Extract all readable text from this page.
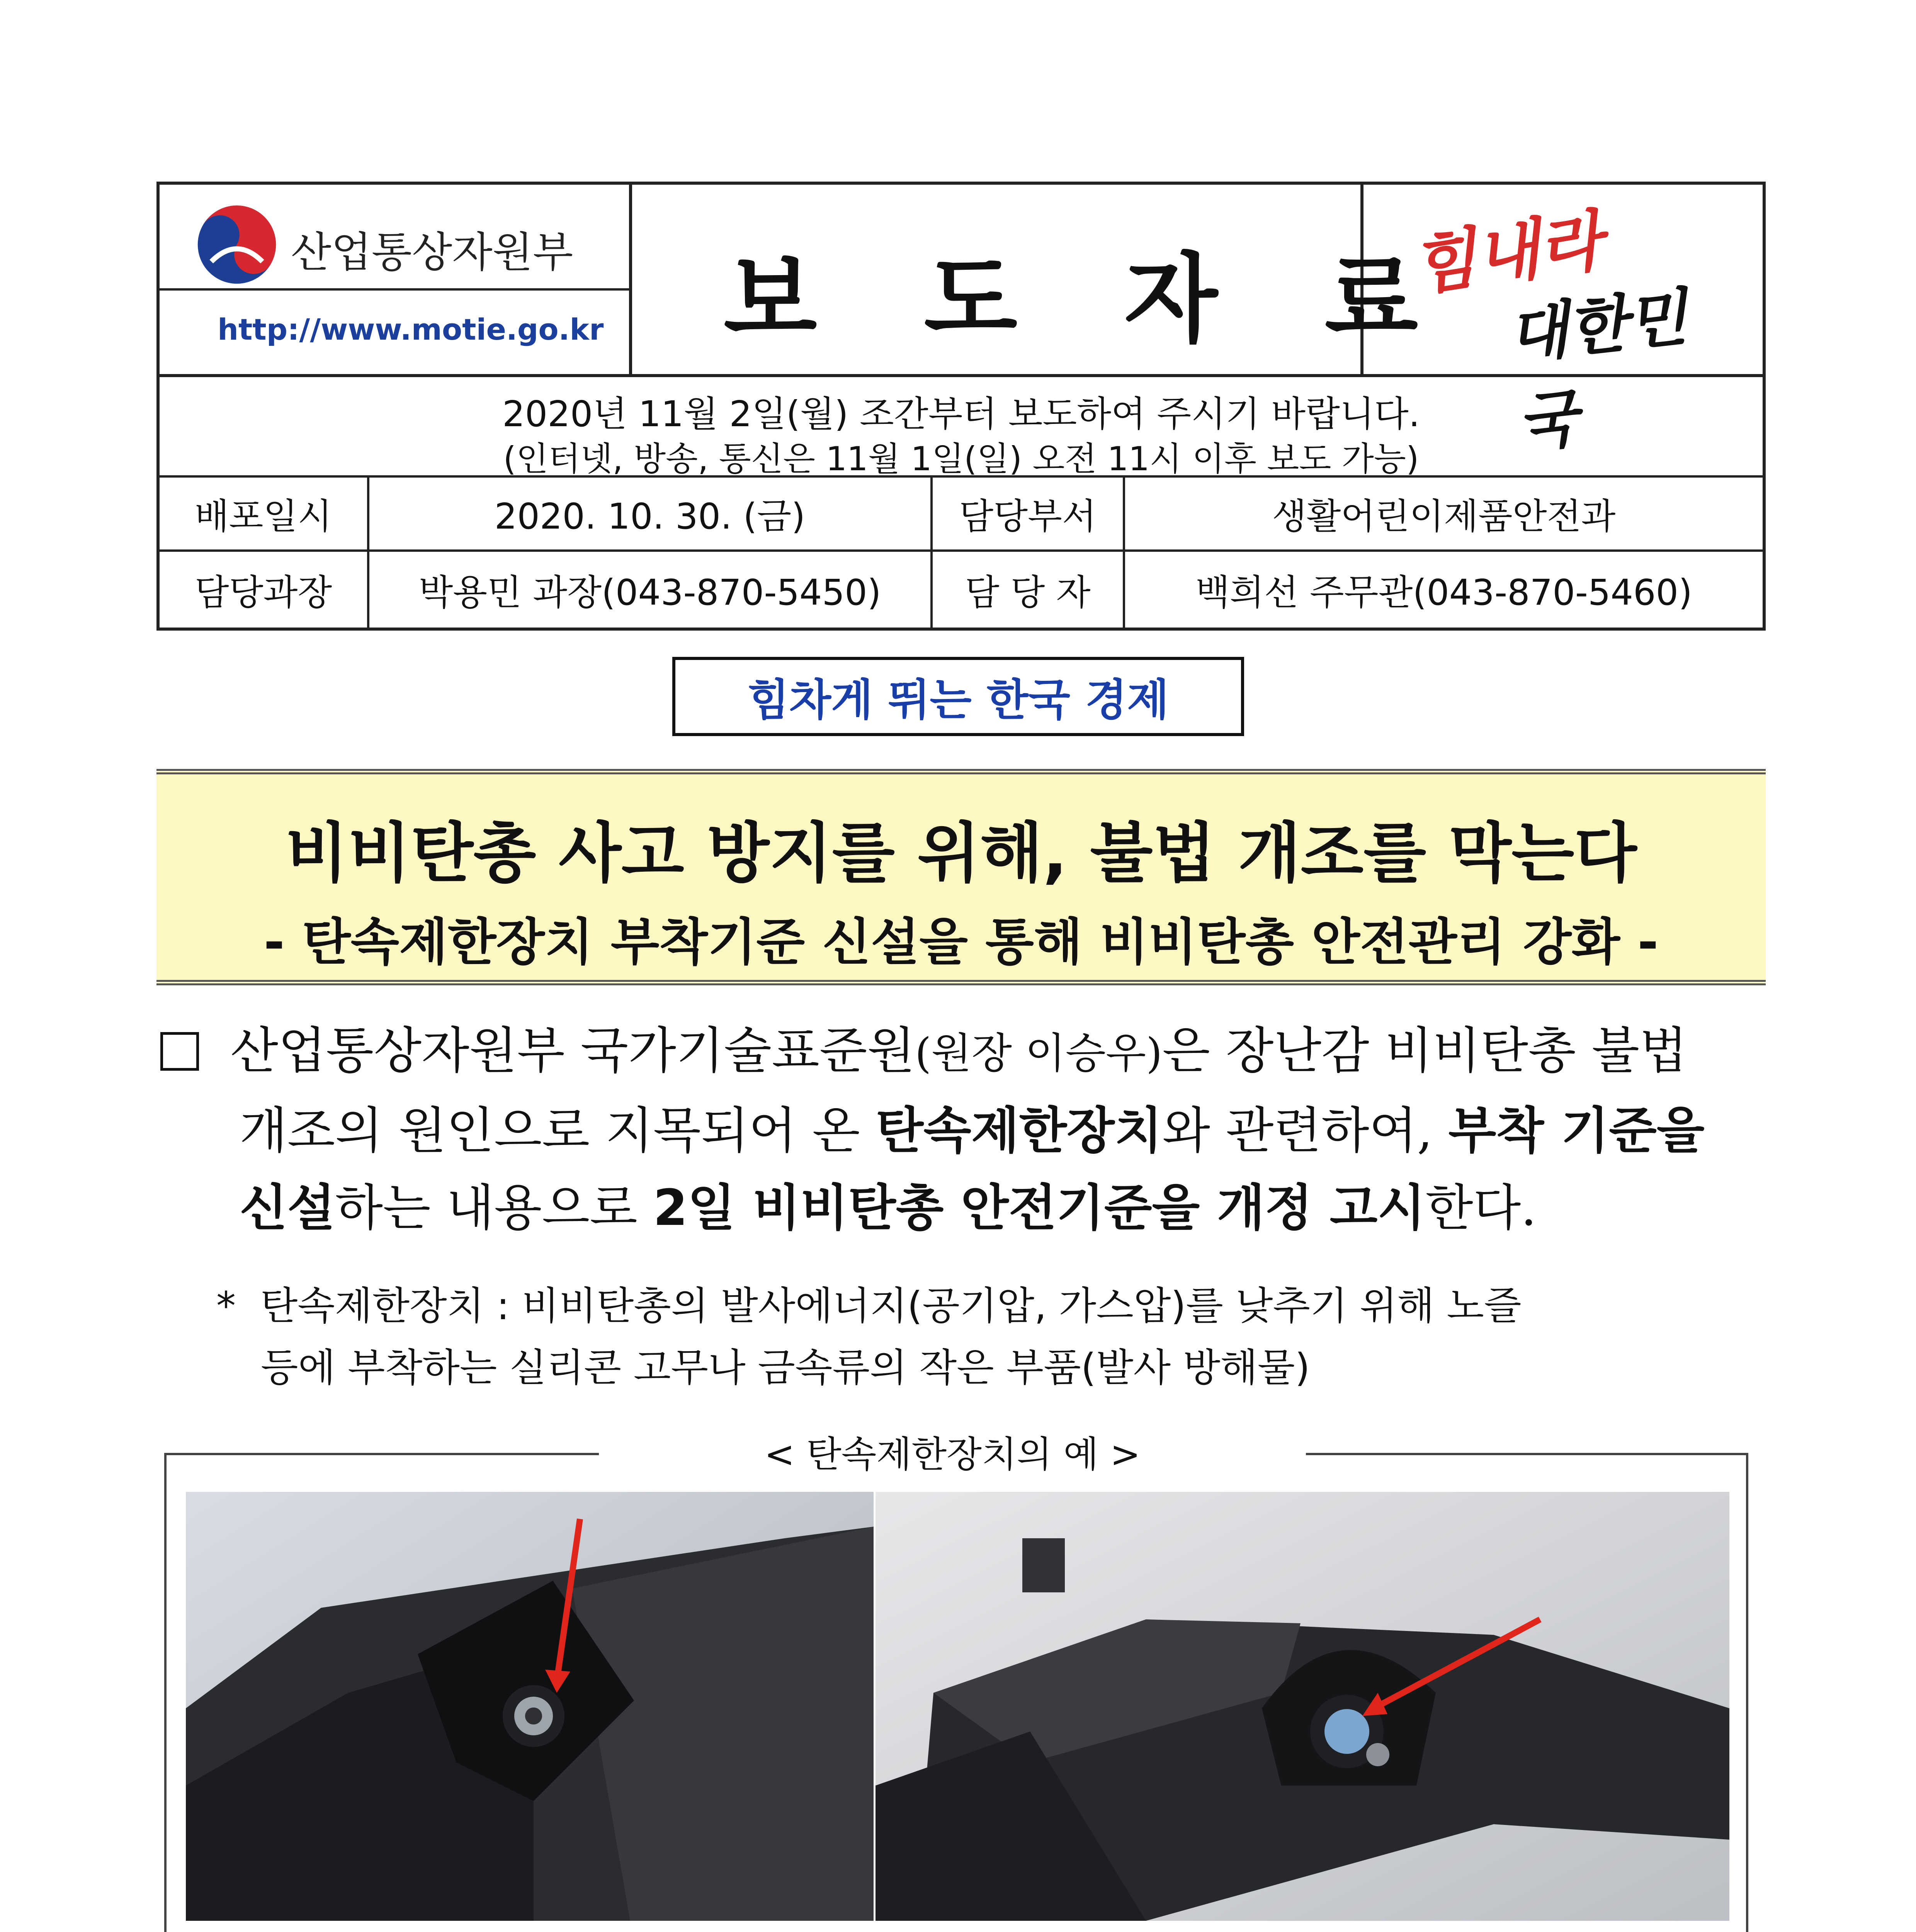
산업통상자원부
http://www.motie.go.kr 보 도 자 료
힘내라
대한민국
2020년 11월 2일(월) 조간부터 보도하여 주시기 바랍니다.
(인터넷, 방송, 통신은 11월 1일(일) 오전 11시 이후 보도 가능)
배포일시	2020. 10. 30. (금)	담당부서	생활어린이제품안전과
담당과장	박용민 과장(043-870-5450)	담 당 자	백희선 주무관(043-870-5460)
힘차게 뛰는 한국 경제
비비탄총 사고 방지를 위해, 불법 개조를 막는다
- 탄속제한장치 부착기준 신설을 통해 비비탄총 안전관리 강화 -
산업통상자원부 국가기술표준원(원장 이승우)은 장난감 비비탄총 불법
개조의 원인으로 지목되어 온 탄속제한장치와 관련하여, 부착 기준을
신설하는 내용으로 2일 비비탄총 안전기준을 개정 고시한다.
* 탄속제한장치 : 비비탄총의 발사에너지(공기압, 가스압)를 낮추기 위해 노즐
등에 부착하는 실리콘 고무나 금속류의 작은 부품(발사 방해물)
< 탄속제한장치의 예 >
